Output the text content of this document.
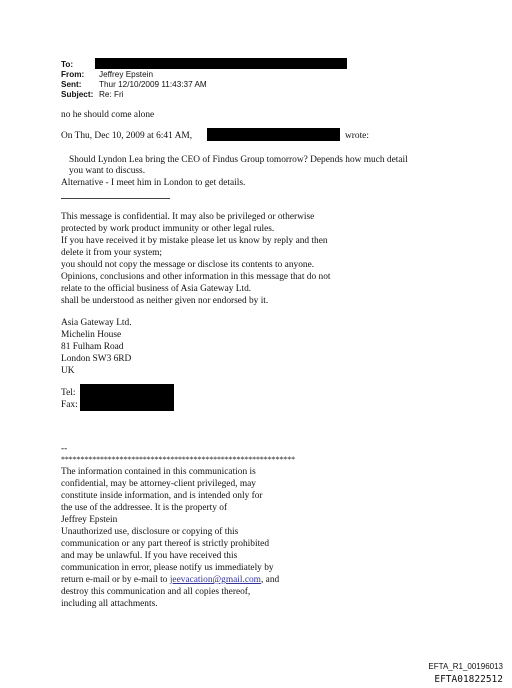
To:
From: Jeffrey Epstein
Sent: Thur 12/10/2009 11:43:37 AM
Subject: Re: Fri
no he should come alone
On Thu, Dec 10, 2009 at 6:41 AM,	wrote:
Should Lyndon Lea bring the CEO of Findus Group tomorrow? Depends how much detail
you want to discuss.
Alternative - I meet him in London to get details.
This message is confidential. It may also be privileged or otherwise
protected by work product immunity or other legal rules.
If you have received it by mistake please let us know by reply and then
delete it from your system;
you should not copy the message or disclose its contents to anyone.
Opinions, conclusions and other information in this message that do not
relate to the official business of Asia Gateway Ltd.
shall be understood as neither given nor endorsed by it.
Asia Gateway Ltd.
Michelin House
81 Fulham Road
London SW3 6RD
UK
Tel:
Fax:
--
************************************************************
The information contained in this communication is
confidential, may be attorney-client privileged, may
constitute inside information, and is intended only for
the use of the addressee. It is the property of
Jeffrey Epstein
Unauthorized use, disclosure or copying of this
communication or any part thereof is strictly prohibited
and may be unlawful. If you have received this
communication in error, please notify us immediately by
return e-mail or by e-mail to jeevacation@gmail.com, and
destroy this communication and all copies thereof,
including all attachments.
EFTA_R1_00196013
EFTA01822512
